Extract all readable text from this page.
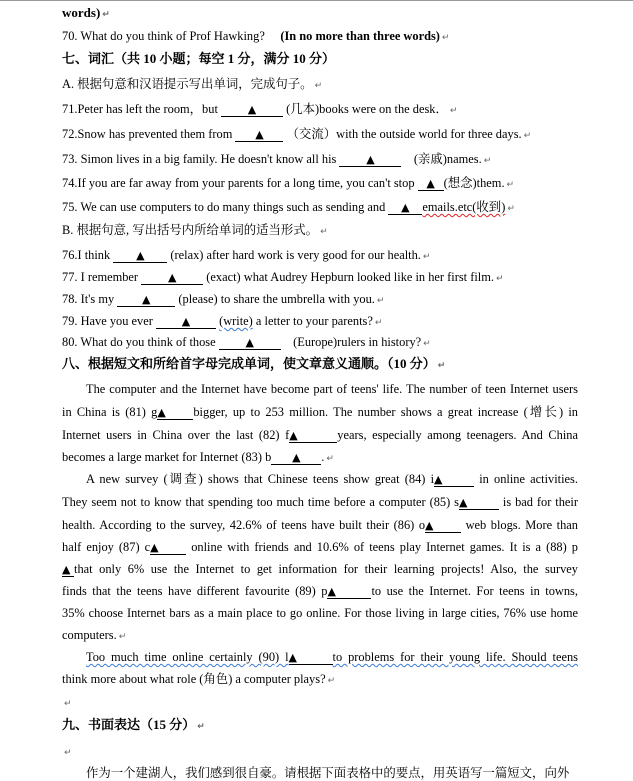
words) ↵
70. What do you think of Prof Hawking? (In no more than three words) ↵
七、词汇（共 10 小题；每空 1 分，满分 10 分）
A. 根据句意和汉语提示写出单词，完成句子。 ↵
71.Peter has left the room，but	▲ (几本)books were on the desk． ↵
72.Snow has prevented them from ▲ （交流）with the outside world for three days. ↵
73. Simon lives in a big family. He doesn't know all his	▲	(亲戚)names. ↵
74.If you are far away from your parents for a long time, you can't stop ▲ (想念)them. ↵
75. We can use computers to do many things such as sending and ▲ emails.etc(收到) ↵
B. 根据句意, 写出括号内所给单词的适当形式。 ↵
76.I think ▲ (relax) after hard work is very good for our health. ↵
77. I remember	▲ (exact) what Audrey Hepburn looked like in her first film. ↵
78. It's my	▲ (please) to share the umbrella with you. ↵
79. Have you ever	▲ (write) a letter to your parents? ↵
80. What do you think of those	▲	(Europe)rulers in history? ↵
八、根据短文和所给首字母完成单词，使文章意义通顺。（10 分） ↵
The computer and the Internet have become part of teens' life. The number of teen Internet users
in China is (81) g▲ bigger, up to 253 million. The number shows a great increase (增长) in
Internet users in China over the last (82) f▲	years, especially among teenagers. And China
becomes a large market for Internet (83) b ▲ . ↵
A new survey (调查) shows that Chinese teens show great (84) i▲	in online activities.
They seem not to know that spending too much time before a computer (85) s▲	is bad for their
health. According to the survey, 42.6% of teens have built their (86) o▲	web blogs. More than
half enjoy (87) c▲	online with friends and 10.6% of teens play Internet games. It is a (88) p
▲ that only 6% use the Internet to get information for their learning projects! Also, the survey
finds that the teens have different favourite (89) p▲	to use the Internet. For teens in towns,
35% choose Internet bars as a main place to go online. For those living in large cities, 76% use home
computers. ↵
Too much time online certainly (90) l▲	to problems for their young life. Should teens
think more about what role (角色) a computer plays? ↵
↵
九、书面表达（15 分） ↵
↵
作为一个建湖人，我们感到很自豪。请根据下面表格中的要点，用英语写一篇短文，向外
